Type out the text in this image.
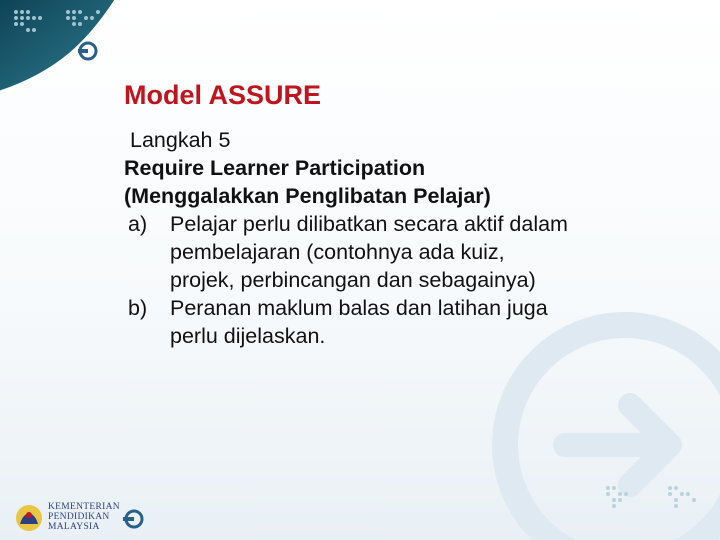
Model ASSURE
Langkah 5
Require Learner Participation
(Menggalakkan Penglibatan Pelajar)
a)	Pelajar perlu dilibatkan secara aktif dalam
pembelajaran (contohnya ada kuiz,
projek, perbincangan dan sebagainya)
b)	Peranan maklum balas dan latihan juga
perlu dijelaskan.
KEMENTERIAN
PENDIDIKAN
MALAYSIA
